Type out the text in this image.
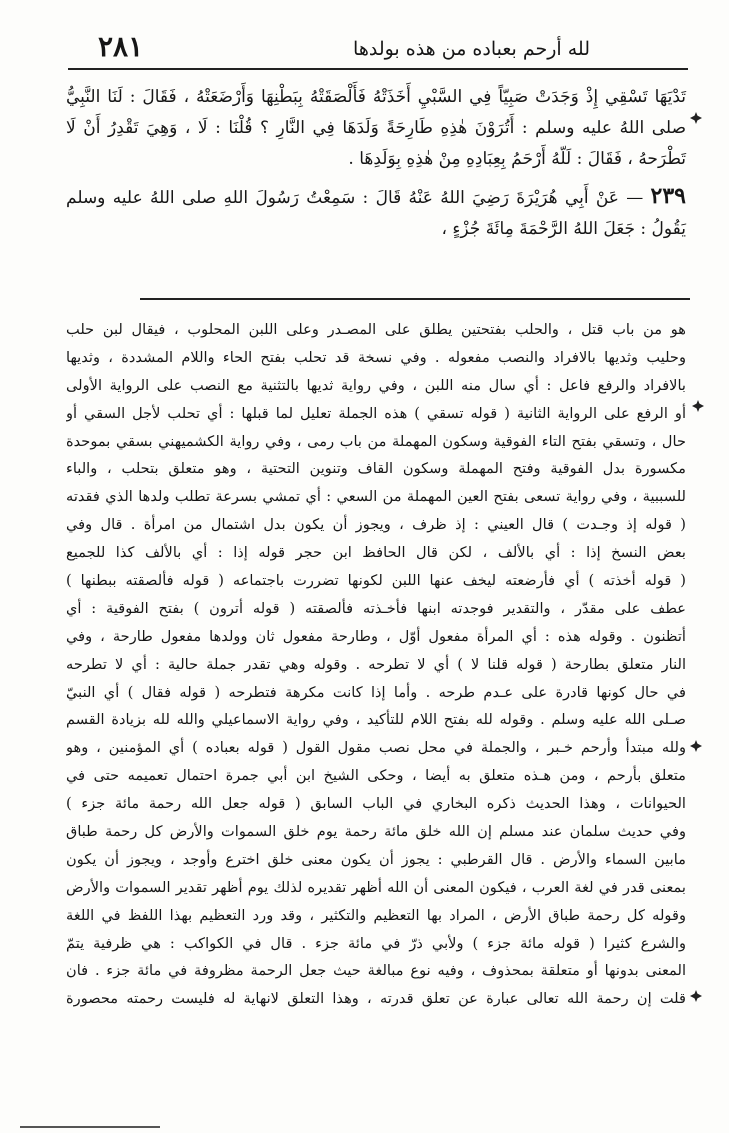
٢٨١	لله أرحم بعباده من هذه بولدها

تَدْيَهَا تَسْقِي إِذْ وَجَدَتْ صَبِيّاً فِي السَّبْيِ أَخَذَتْهُ فَأَلْصَقَتْهُ بِبَطْنِهَا وَأَرْضَعَتْهُ ، فَقَالَ : لَنَا النَّبِيُّ صلى اللهُ عليه وسلم : أَتُرَوْنَ هٰذِهِ طَارِحَةً وَلَدَهَا فِي النَّارِ ؟ قُلْنَا : لَا ، وَهِيَ تَقْدِرُ أَنْ لَا تَطْرَحهُ ، فَقَالَ : لَلّهُ أَرْحَمُ بِعِبَادِهِ مِنْ هٰذِهِ بِوَلَدِهَا .

٢٣٩ — عَنْ أَبِي هُرَيْرَةَ رَضِيَ اللهُ عَنْهُ قَالَ : سَمِعْتُ رَسُولَ اللهِ صلى اللهُ عليه وسلم يَقُولُ : جَعَلَ اللهُ الرَّحْمَةَ مِائَةَ جُزْءٍ ،

هو من باب قتل ، والحلب بفتحتين يطلق على المصـدر وعلى اللبن المحلوب ، فيقال لبن حلب
وحليب وثديها بالافراد والنصب مفعوله . وفي نسخة قد تحلب بفتح الحاء واللام المشددة ، وثديها
بالافراد والرفع فاعل : أي سال منه اللبن ، وفي رواية ثديها بالتثنية مع النصب على الرواية الأولى
أو الرفع على الرواية الثانية ( قوله تسقي ) هذه الجملة تعليل لما قبلها : أي تحلب لأجل السقي أو
حال ، وتسقي بفتح التاء الفوقية وسكون المهملة من باب رمى ، وفي رواية الكشميهني بسقي بموحدة
مكسورة بدل الفوقية وفتح المهملة وسكون القاف وتنوين التحتية ، وهو متعلق بتحلب ، والباء
للسببية ، وفي رواية تسعى بفتح العين المهملة من السعي : أي تمشي بسرعة تطلب ولدها الذي فقدته
( قوله إذ وجـدت ) قال العيني : إذ ظرف ، ويجوز أن يكون بدل اشتمال من امرأة . قال وفي
بعض النسخ إذا : أي بالألف ، لكن قال الحافظ ابن حجر قوله إذا : أي بالألف كذا للجميع
( قوله أخذته ) أي فأرضعته ليخف عنها اللبن لكونها تضررت باجتماعه ( قوله فألصقته ببطنها )
عطف على مقدّر ، والتقدير فوجدته ابنها فأخـذته فألصقته ( قوله أترون ) بفتح الفوقية : أي
أتظنون . وقوله هذه : أي المرأة مفعول أوّل ، وطارحة مفعول ثان وولدها مفعول طارحة ، وفي
النار متعلق بطارحة ( قوله قلنا لا ) أي لا تطرحه . وقوله وهي تقدر جملة حالية : أي لا تطرحه
في حال كونها قادرة على عـدم طرحه . وأما إذا كانت مكرهة فتطرحه ( قوله فقال ) أي النبيّ
صـلى الله عليه وسلم . وقوله لله بفتح اللام للتأكيد ، وفي رواية الاسماعيلي والله لله بزيادة القسم
ولله مبتدأ وأرحم خـبر ، والجملة في محل نصب مقول القول ( قوله بعباده ) أي المؤمنين ، وهو
متعلق بأرحم ، ومن هـذه متعلق به أيضا ، وحكى الشيخ ابن أبي جمرة احتمال تعميمه حتى في
الحيوانات ، وهذا الحديث ذكره البخاري في الباب السابق ( قوله جعل الله رحمة مائة جزء )
وفي حديث سلمان عند مسلم إن الله خلق مائة رحمة يوم خلق السموات والأرض كل رحمة طباق
مابين السماء والأرض . قال القرطبي : يجوز أن يكون معنى خلق اخترع وأوجد ، ويجوز أن يكون
بمعنى قدر في لغة العرب ، فيكون المعنى أن الله أظهر تقديره لذلك يوم أظهر تقدير السموات والأرض
وقوله كل رحمة طباق الأرض ، المراد بها التعظيم والتكثير ، وقد ورد التعظيم بهذا اللفظ في اللغة
والشرع كثيرا ( قوله مائة جزء ) ولأبي ذرّ في مائة جزء . قال في الكواكب : هي ظرفية يتمّ
المعنى بدونها أو متعلقة بمحذوف ، وفيه نوع مبالغة حيث جعل الرحمة مظروفة في مائة جزء . فان
قلت إن رحمة الله تعالى عبارة عن تعلق قدرته ، وهذا التعلق لانهاية له فليست رحمته محصورة
